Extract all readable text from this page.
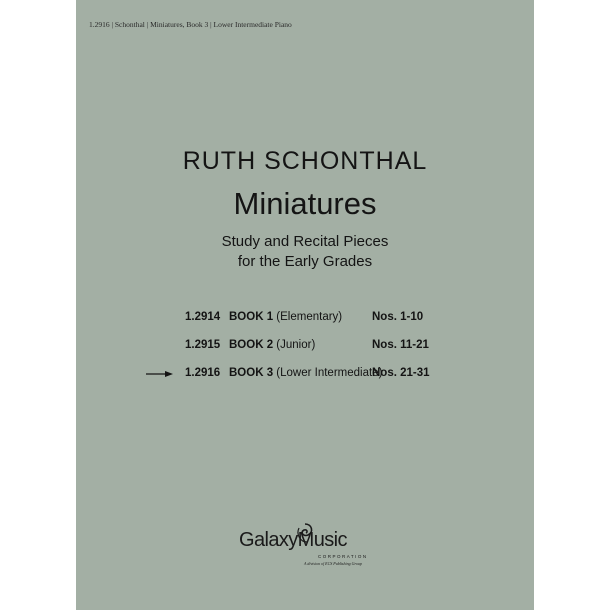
1.2916 | Schonthal | Miniatures, Book 3 | Lower Intermediate Piano
RUTH SCHONTHAL
Miniatures
Study and Recital Pieces
for the Early Grades
1.2914 BOOK 1 (Elementary)	Nos. 1-10
1.2915 BOOK 2 (Junior)	Nos. 11-21
1.2916 BOOK 3 (Lower Intermediate)
Nos. 21-31
GalaxyMusic
CORPORATION
A division of ECS Publishing Group
